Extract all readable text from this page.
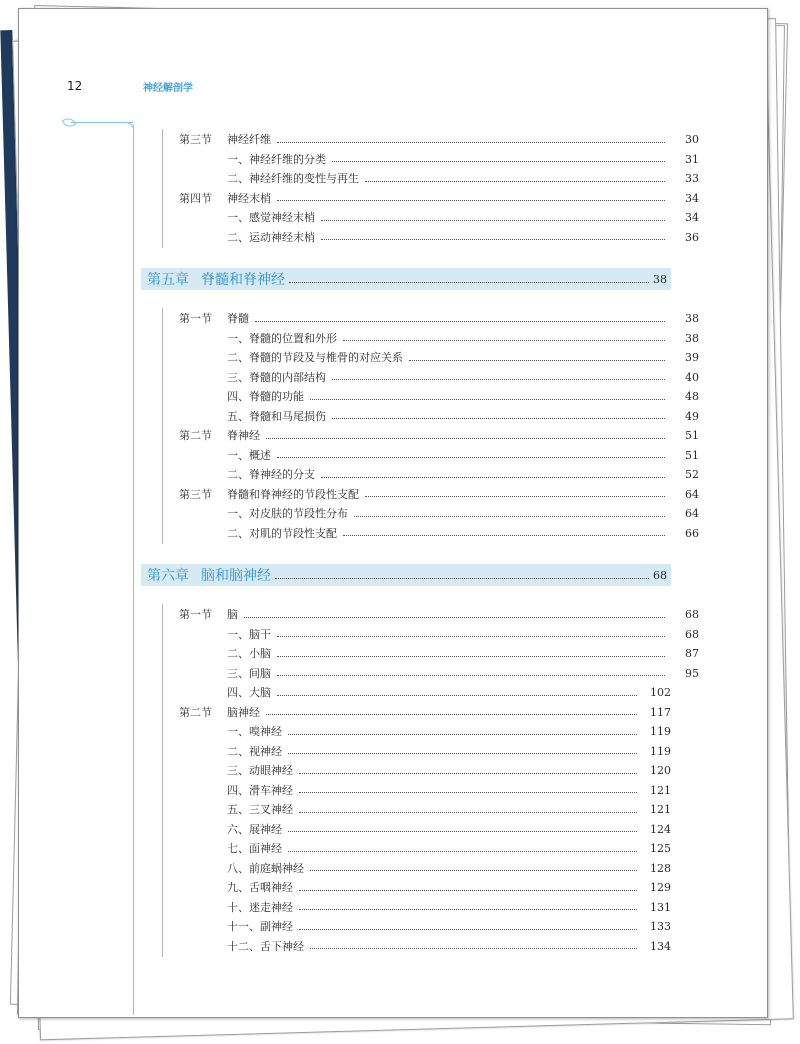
12	神经解剖学
第三节 神经纤维	30
一、神经纤维的分类	31
二、神经纤维的变性与再生	33
第四节 神经末梢	34
一、感觉神经末梢	34
二、运动神经末梢	36
第五章 脊髓和脊神经	38
第一节 脊髓	38
一、脊髓的位置和外形	38
二、脊髓的节段及与椎骨的对应关系	39
三、脊髓的内部结构	40
四、脊髓的功能	48
五、脊髓和马尾损伤	49
第二节 脊神经	51
一、概述	51
二、脊神经的分支	52
第三节 脊髓和脊神经的节段性支配	64
一、对皮肤的节段性分布	64
二、对肌的节段性支配	66
第六章 脑和脑神经	68
第一节 脑	68
一、脑干	68
二、小脑	87
三、间脑	95
四、大脑	102
第二节 脑神经	117
一、嗅神经	119
二、视神经	119
三、动眼神经	120
四、滑车神经	121
五、三叉神经	121
六、展神经	124
七、面神经	125
八、前庭蜗神经	128
九、舌咽神经	129
十、迷走神经	131
十一、副神经	133
十二、舌下神经	134
